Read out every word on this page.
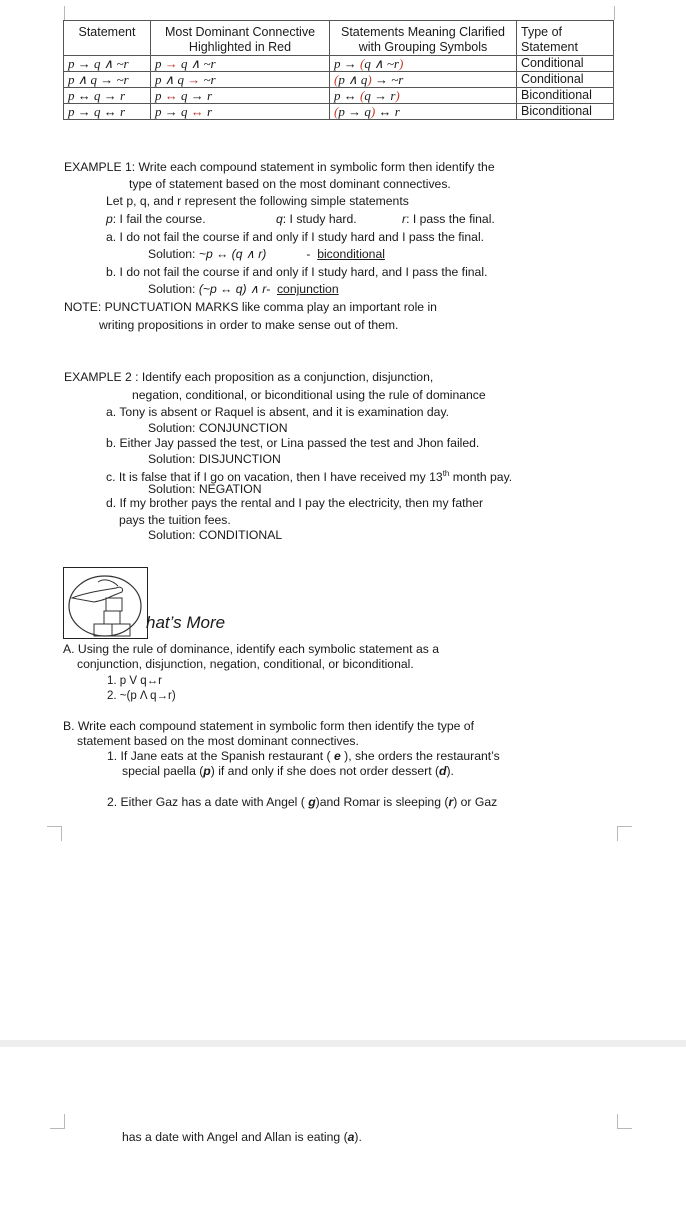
Statement	Most Dominant Connective Highlighted in Red	Statements Meaning Clarified with Grouping Symbols	Type of Statement
p → q ∧ ~r	p → q ∧ ~r	p → (q ∧ ~r)	Conditional
p ∧ q → ~r	p ∧ q → ~r	(p ∧ q) → ~r	Conditional
p ↔ q → r	p ↔ q → r	p ↔ (q → r)	Biconditional
p → q ↔ r	p → q ↔ r	(p → q) ↔ r	Biconditional
EXAMPLE 1: Write each compound statement in symbolic form then identify the
type of statement based on the most dominant connectives.
Let p, q, and r represent the following simple statements
p: I fail the course.	q: I study hard.	r: I pass the final.
a. I do not fail the course if and only if I study hard and I pass the final.
Solution: ~p ↔ (q ∧ r)	- biconditional
b. I do not fail the course if and only if I study hard, and I pass the final.
Solution: (~p ↔ q) ∧ r- conjunction
NOTE: PUNCTUATION MARKS like comma play an important role in
writing propositions in order to make sense out of them.
EXAMPLE 2 : Identify each proposition as a conjunction, disjunction,
negation, conditional, or biconditional using the rule of dominance
a. Tony is absent or Raquel is absent, and it is examination day.
Solution: CONJUNCTION
b. Either Jay passed the test, or Lina passed the test and Jhon failed.
Solution: DISJUNCTION
c. It is false that if I go on vacation, then I have received my 13th month pay.
Solution: NEGATION
d. If my brother pays the rental and I pay the electricity, then my father
pays the tuition fees.
Solution: CONDITIONAL
hat’s More
A. Using the rule of dominance, identify each symbolic statement as a
conjunction, disjunction, negation, conditional, or biconditional.
1. p V q↔r
2. ~(p Λ q→r)
B. Write each compound statement in symbolic form then identify the type of
statement based on the most dominant connectives.
1. If Jane eats at the Spanish restaurant ( e ), she orders the restaurant’s
special paella (p) if and only if she does not order dessert (d).
2. Either Gaz has a date with Angel ( g)and Romar is sleeping (r) or Gaz
has a date with Angel and Allan is eating (a).
